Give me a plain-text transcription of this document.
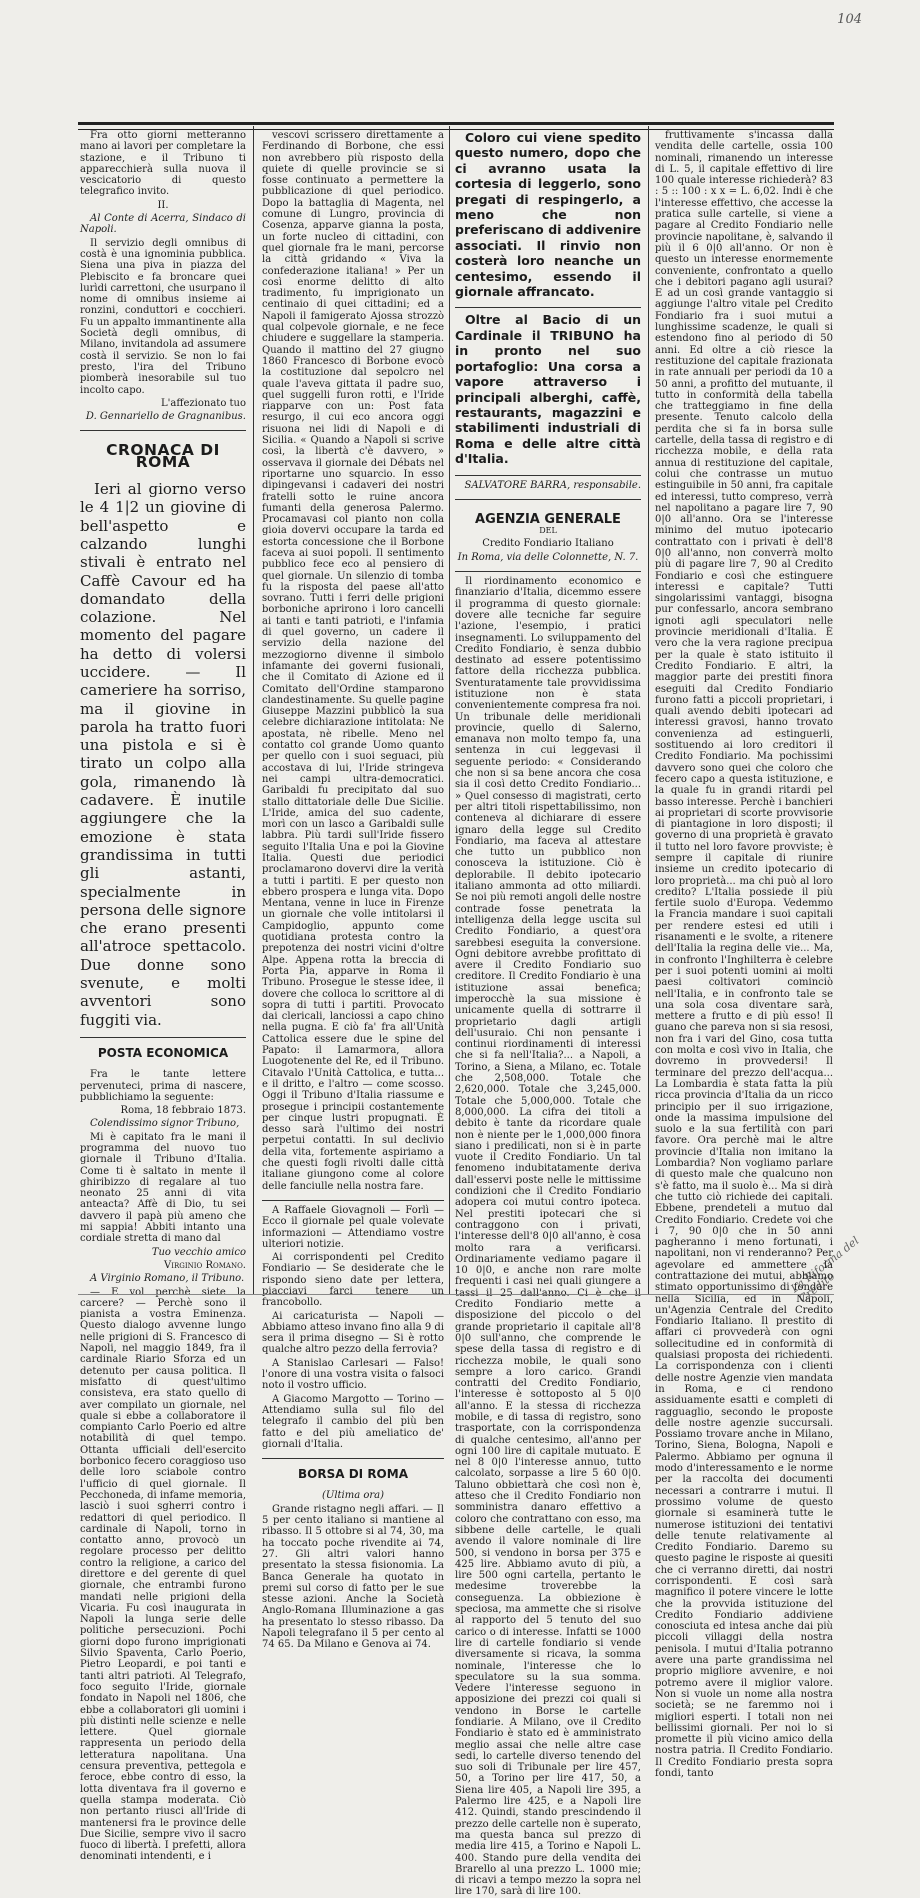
104

Fra otto giorni metteranno mano ai lavori per completare la stazione, e il Tribuno ti apparecchierà sulla nuova il vescicatorio di questo telegrafico invito.

II.

Al Conte di Acerra, Sindaco di Napoli.

Il servizio degli omnibus di costà è una ignominia pubblica. Siena una piva in piazza del Plebiscito e fa broncare quei lurìdi carrettoni, che usurpano il nome di omnibus insieme ai ronzini, conduttori e cocchieri. Fu un appalto immantinente alla Società degli omnibus, di Milano, invitandola ad assumere costà il servizio. Se non lo fai presto, l'ira del Tribuno piomberà inesorabile sul tuo incolto capo.

L'affezionato tuo

D. Gennariello de Gragnanibus.

CRONACA DI ROMA

Ieri al giorno verso le 4 1|2 un giovine di bell'aspetto e calzando lunghi stivali è entrato nel Caffè Cavour ed ha domandato della colazione. Nel momento del pagare ha detto di volersi uccidere. — Il cameriere ha sorriso, ma il giovine in parola ha tratto fuori una pistola e si è tirato un colpo alla gola, rimanendo là cadavere. È inutile aggiungere che la emozione è stata grandissima in tutti gli astanti, specialmente in persona delle signore che erano presenti all'atroce spettacolo. Due donne sono svenute, e molti avventori sono fuggiti via.

POSTA ECONOMICA

Fra le tante lettere pervenuteci, prima di nascere, pubblichiamo la seguente:

Roma, 18 febbraio 1873.

Colendissimo signor Tribuno,

Mi è capitato fra le mani il programma del nuovo tuo giornale il Tribuno d'Italia. Come ti è saltato in mente il ghiribizzo di regalare al tuo neonato 25 anni di vita anteacta? Affè di Dio, tu sei davvero il papà più ameno che mi sappia! Abbiti intanto una cordiale stretta di mano dal

Tuo vecchio amico

Virginio Romano.

A Virginio Romano, il Tribuno.

— E vol perchè siete la carcere? — Perchè sono il pianista a vostra Eminenza. Questo dialogo avvenne lungo nelle prigioni di S. Francesco di Napoli, nel maggio 1849, fra il cardinale Riario Sforza ed un detenuto per causa politica. Il misfatto di quest'ultimo consisteva, era stato quello di aver compilato un giornale, nel quale si ebbe a collaboratore il compianto Carlo Poerio ed altre notabilità di quel tempo. Ottanta ufficiali dell'esercito borbonico fecero coraggioso uso delle loro sciabole contro l'ufficio di quel giornale. Il Pecchoneda, di infame memoria, lasciò i suoi sgherri contro i redattori di quel periodico. Il cardinale di Napoli, torno in contatto anno, provocò un regolare processo per delitto contro la religione, a carico del direttore e del gerente di quel giornale, che entrambi furono mandati nelle prigioni della Vicaria. Fu così inaugurata in Napoli la lunga serie delle politiche persecuzioni. Pochi giorni dopo furono imprigionati Silvio Spaventa, Carlo Poerio, Pietro Leopardi, e poi tanti e tanti altri patrioti. Al Telegrafo, foco seguito l'Iride, giornale fondato in Napoli nel 1806, che ebbe a collaboratori gli uomini i più distinti nelle scienze e nelle lettere. Quel giornale rappresenta un periodo della letteratura napolitana. Una censura preventiva, pettegola e feroce, ebbe contro di esso, la lotta diventava fra il governo e quella stampa moderata. Ciò non pertanto riusci all'Iride di mantenersi fra le province delle Due Sicilie, sempre vivo il sacro fuoco di libertà. I prefetti, allora denominati intendenti, e i

vescovi scrissero direttamente a Ferdinando di Borbone, che essi non avrebbero più risposto della quiete di quelle provincie se si fosse continuato a permettere la pubblicazione di quel periodico. Dopo la battaglia di Magenta, nel comune di Lungro, provincia di Cosenza, apparve gianna la posta, un forte nucleo di cittadini, con quel giornale fra le mani, percorse la città gridando « Viva la confederazione italiana! » Per un così enorme delitto di alto tradimento, fu imprigionato un centinaio di quei cittadini; ed a Napoli il famigerato Ajossa strozzò qual colpevole giornale, e ne fece chiudere e suggellare la stamperia. Quando il mattino del 27 giugno 1860 Francesco di Borbone evocò la costituzione dal sepolcro nel quale l'aveva gittata il padre suo, quel suggelli furon rotti, e l'Iride riapparve con un: Post fata resurgo, il cui eco ancora oggi risuona nei lidi di Napoli e di Sicilia. « Quando a Napoli si scrive così, la libertà c'è davvero, » osservava il giornale dei Débats nel riportarne uno squarcio. In esso dipingevansi i cadaveri dei nostri fratelli sotto le ruine ancora fumanti della generosa Palermo. Procamavasi col pianto non colla gioia dovervi occupare la tarda ed estorta concessione che il Borbone faceva ai suoi popoli. Il sentimento pubblico fece eco al pensiero di quel giornale. Un silenzio di tomba fu la risposta del paese all'atto sovrano. Tutti i ferri delle prigioni borboniche aprirono i loro cancelli ai tanti e tanti patrioti, e l'infamia di quel governo, un cadere il servizio della nazione del mezzogiorno divenne il simbolo infamante dei governi fusionali, che il Comitato di Azione ed il Comitato dell'Ordine stamparono clandestinamente. Su quelle pagine Giuseppe Mazzini pubblicò la sua celebre dichiarazione intitolata: Ne apostata, nè ribelle. Meno nel contatto col grande Uomo quanto per quello con i suoi seguaci, più accostava di lui, l'Iride stringeva nei campi ultra-democratici. Garibaldi fu precipitato dal suo stallo dittatoriale delle Due Sicilie. L'Iride, amica del suo cadente, morì con un lasco a Garibaldi sulle labbra. Più tardi sull'Iride fissero seguito l'Italia Una e poi la Giovine Italia. Questi due periodici proclamarono dovervi dire la verità a tutti i partiti. E per questo non ebbero prospera e lunga vita. Dopo Mentana, venne in luce in Firenze un giornale che volle intitolarsi il Campidoglio, appunto come quotidiana protesta contro la prepotenza dei nostri vicini d'oltre Alpe. Appena rotta la breccia di Porta Pia, apparve in Roma il Tribuno. Prosegue le stesse idee, il dovere che colloca lo scrittore al di sopra di tutti i partiti. Provocato dai clericali, lanciossi a capo chino nella pugna. E ciò fa' fra all'Unità Cattolica essere due le spine del Papato: il Lamarmora, allora Luogotenente del Re, ed il Tribuno. Citavalo l'Unità Cattolica, e tutta... e il dritto, e l'altro — come scosso. Oggi il Tribuno d'Italia riassume e prosegue i principii costantemente per cinque lustri propugnati. È desso sarà l'ultimo dei nostri perpetui contatti. In sul declivio della vita, fortemente aspiriamo a che questi fogli rivolti dalle città italiane giungono come al colore delle fanciulle nella nostra fare.

A Raffaele Giovagnoli — Forlì — Ecco il giornale pel quale volevate informazioni — Attendiamo vostre ulteriori notizie.

Ai corrispondenti pel Credito Fondiario — Se desiderate che le rispondo sieno date per lettera, piacciavi farci tenere un francobollo.

Ai caricaturista — Napoli — Abbiamo atteso invano fino alla 9 di sera il prima disegno — Si è rotto qualche altro pezzo della ferrovia?

A Stanislao Carlesari — Falso! l'onore di una vostra visita o falsoci noto il vostro ufficio.

A Giacomo Margotto — Torino — Attendiamo sulla sul filo del telegrafo il cambio del più ben fatto e del più ameliatico de' giornali d'Italia.

BORSA DI ROMA

(Ultima ora)

Grande ristagno negli affari. — Il 5 per cento italiano si mantiene al ribasso. Il 5 ottobre si al 74, 30, ma ha toccato poche rivendite ai 74, 27. Gli altri valori hanno presentato la stessa fisionomia. La Banca Generale ha quotato in premi sul corso di fatto per le sue stesse azioni. Anche la Società Anglo-Romana Illuminazione a gas ha presentato lo stesso ribasso. Da Napoli telegrafano il 5 per cento al 74 65. Da Milano e Genova ai 74.

Coloro cui viene spedito questo numero, dopo che ci avranno usata la cortesia di leggerlo, sono pregati di respingerlo, a meno che non preferiscano di addivenire associati. Il rinvio non costerà loro neanche un centesimo, essendo il giornale affrancato.

Oltre al Bacio di un Cardinale il TRIBUNO ha in pronto nel suo portafoglio: Una corsa a vapore attraverso i principali alberghi, caffè, restaurants, magazzini e stabilimenti industriali di Roma e delle altre città d'Italia.

SALVATORE BARRA, responsabile.

AGENZIA GENERALE

DEL

Credito Fondiario Italiano

In Roma, via delle Colonnette, N. 7.

Il riordinamento economico e finanziario d'Italia, dicemmo essere il programma di questo giornale: dovere alle tecniche far seguire l'azione, l'esempio, i pratici insegnamenti. Lo sviluppamento del Credito Fondiario, è senza dubbio destinato ad essere potentissimo fattore della ricchezza pubblica. Sventuratamente tale provvidissima istituzione non è stata convenientemente compresa fra noi. Un tribunale delle meridionali provincie, quello di Salerno, emanava non molto tempo fa, una sentenza in cui leggevasi il seguente periodo: « Considerando che non si sa bene ancora che cosa sia il così detto Credito Fondiario... » Quel consesso di magistrati, certo per altri titoli rispettabilissimo, non conteneva al dichiarare di essere ignaro della legge sul Credito Fondiario, ma faceva al attestare che tutto un pubblico non conosceva la istituzione. Ciò è deplorabile. Il debito ipotecario italiano ammonta ad otto miliardi. Se noi più remoti angoli delle nostre contrade fosse penetrata la intelligenza della legge uscita sul Credito Fondiario, a quest'ora sarebbesi eseguita la conversione. Ogni debitore avrebbe profittato di avere il Credito Fondiario suo creditore. Il Credito Fondiario è una istituzione assai benefica; imperocchè la sua missione è unicamente quella di sottrarre il proprietario dagli artigli dell'usuraio. Chi non pensante i continui riordinamenti di interessi che si fa nell'Italia?... a Napoli, a Torino, a Siena, a Milano, ec. Totale che 2,508,000. Totale che 2,620,000. Totale che 3,245,000. Totale che 5,000,000. Totale che 8,000,000. La cifra dei titoli a debito è tante da ricordare quale non è niente per le 1,000,000 finora siano i predilicati, non si è in parte vuote il Credito Fondiario. Un tal fenomeno indubitatamente deriva dall'esservi poste nelle le mittissime condizioni che il Credito Fondiario adopera coi mutui contro ipoteca. Nel prestiti ipotecari che si contraggono con i privati, l'interesse dell'8 0|0 all'anno, è cosa molto rara a verificarsi. Ordinariamente vediamo pagare il 10 0|0, e anche non rare molte frequenti i casi nei quali giungere a tassi il 25 dall'anno. Ci è che il Credito Fondiario mette a disposizione del piccolo o del grande proprietario il capitale all'8 0|0 sull'anno, che comprende le spese della tassa di registro e di ricchezza mobile, le quali sono sempre a loro carico. Grandi contratti del Credito Fondiario, l'interesse è sottoposto al 5 0|0 all'anno. E la stessa di ricchezza mobile, e di tassa di registro, sono trasportate, con la corrispondenza di qualche centesimo, all'anno per ogni 100 lire di capitale mutuato. E nel 8 0|0 l'interesse annuo, tutto calcolato, sorpasse a lire 5 60 0|0. Taluno obbiettarà che così non è, atteso che il Credito Fondiario non somministra danaro effettivo a coloro che contrattano con esso, ma sibbene delle cartelle, le quali avendo il valore nominale di lire 500, si vendono in borsa per 375 e 425 lire. Abbiamo avuto di più, a lire 500 ogni cartella, pertanto le medesime troverebbe la conseguenza. La obbiezione è speciosa, ma ammette che si risolve al rapporto del 5 tenuto del suo carico o di interesse. Infatti se 1000 lire di cartelle fondiario si vende diversamente si ricava, la somma nominale, l'interesse che lo speculatore su la sua somma. Vedere l'interesse seguono in apposizione dei prezzi coi quali si vendono in Borse le cartelle fondiarie. A Milano, ove il Credito Fondiario è stato ed è amministrato meglio assai che nelle altre case sedi, lo cartelle diverso tenendo del suo soli di Tribunale per lire 457, 50, a Torino per lire 417, 50, a Siena lire 405, a Napoli lire 395, a Palermo lire 425, e a Napoli lire 412. Quindi, stando prescindendo il prezzo delle cartelle non è superato, ma questa banca sul prezzo di media lire 415, a Torino e Napoli L. 400. Stando pure della vendita dei Brarello al una prezzo L. 1000 mie; di ricavi a tempo mezzo la sopra nel lire 170, sarà di lire 100.

fruttivamente s'incassa dalla vendita delle cartelle, ossia 100 nominali, rimanendo un interesse di L. 5, il capitale effettivo di lire 100 quale interesse richiederà? 83 : 5 :: 100 : x x = L. 6,02. Indi è che l'interesse effettivo, che accesse la pratica sulle cartelle, si viene a pagare al Credito Fondiario nelle provincie napolitane, è, salvando il più il 6 0|0 all'anno. Or non è questo un interesse enormemente conveniente, confrontato a quello che i debitori pagano agli usurai? E ad un così grande vantaggio si aggiunge l'altro vitale pel Credito Fondiario fra i suoi mutui a lunghissime scadenze, le quali si estendono fino al periodo di 50 anni. Ed oltre a ciò riesce la restituzione del capitale frazionata in rate annuali per periodi da 10 a 50 anni, a profitto del mutuante, il tutto in conformità della tabella che tratteggiamo in fine della presente. Tenuto calcolo della perdita che si fa in borsa sulle cartelle, della tassa di registro e di ricchezza mobile, e della rata annua di restituzione del capitale, colui che contrasse un mutuo estinguibile in 50 anni, fra capitale ed interessi, tutto compreso, verrà nel napolitano a pagare lire 7, 90 0|0 all'anno. Ora se l'interesse minimo del mutuo ipotecario contrattato con i privati è dell'8 0|0 all'anno, non converrà molto più di pagare lire 7, 90 al Credito Fondiario e così che estinguere interessi e capitale? Tutti singolarissimi vantaggi, bisogna pur confessarlo, ancora sembrano ignoti agli speculatori nelle provincie meridionali d'Italia. È vero che la vera ragione precipua per la quale è stato istituito il Credito Fondiario. E altri, la maggior parte dei prestiti finora eseguiti dal Credito Fondiario furono fatti a piccoli proprietari, i quali avendo debiti ipotecari ad interessi gravosi, hanno trovato convenienza ad estinguerli, sostituendo ai loro creditori il Credito Fondiario. Ma pochissimi davvero sono quei che coloro che fecero capo a questa istituzione, e la quale fu in grandi ritardi pel basso interesse. Perchè i banchieri ai proprietari di scorte provvisorie di piantagione in loro disposti; il governo di una proprietà è gravato il tutto nel loro favore provviste; è sempre il capitale di riunire insieme un credito ipotecario di loro proprietà... ma chi può al loro credito? L'Italia possiede il più fertile suolo d'Europa. Vedemmo la Francia mandare i suoi capitali per rendere estesi ed utili i risanamenti e le svolte, a ritenere dell'Italia la regina delle vie... Ma, in confronto l'Inghilterra è celebre per i suoi potenti uomini ai molti paesi coltivatori cominciò nell'Italia, e in confronto tale se una sola cosa diventare sarà, mettere a frutto e di più esso! Il guano che pareva non si sia resosi, non fra i vari del Gino, cosa tutta con molta e così vivo in Italia, che dovremo in provvedersi! Il terminare del prezzo dell'acqua... La Lombardia è stata fatta la più ricca provincia d'Italia da un ricco principio per il suo irrigazione, onde la massima impulsione del suolo e la sua fertilità con pari favore. Ora perchè mai le altre provincie d'Italia non imitano la Lombardia? Non vogliamo parlare di questo male che qualcuno non s'è fatto, ma il suolo è... Ma si dirà che tutto ciò richiede dei capitali. Ebbene, prendeteli a mutuo dal Credito Fondiario. Credete voi che i 7, 90 0|0 che in 50 anni pagheranno i meno fortunati, i napolitani, non vi renderanno? Per agevolare ed ammettere la contrattazione dei mutui, abbiamo stimato opportunissimo di fondare nella Sicilia, ed in Napoli, un'Agenzia Centrale del Credito Fondiario Italiano. Il prestito di affari ci provvederà con ogni sollecitudine ed in conformità di qualsiasi proposta dei richiedenti. La corrispondenza con i clienti delle nostre Agenzie vien mandata in Roma, e ci rendono assiduamente esatti e completi di ragguaglio, secondo le proposte delle nostre agenzie succursali. Possiamo trovare anche in Milano, Torino, Siena, Bologna, Napoli e Palermo. Abbiamo per ognuna il modo d'interessamento e le norme per la raccolta dei documenti necessari a contrarre i mutui. Il prossimo volume de questo giornale si esaminerà tutte le numerose istituzioni dei tentativi delle tenute relativamente al Credito Fondiario. Daremo su questo pagine le risposte ai quesiti che ci verranno diretti, dai nostri corrispondenti. E così sarà magnifico il potere vincere le lotte che la provvida istituzione del Credito Fondiario addiviene conosciuta ed intesa anche dai più piccoli villaggi della nostra penisola. I mutui d'Italia potranno avere una parte grandissima nel proprio migliore avvenire, e noi potremo avere il miglior valore. Non si vuole un nome alla nostra società; se ne faremmo noi i migliori esperti. I totali non nei bellissimi giornali. Per noi lo si promette il più vicino amico della nostra patria. Il Credito Fondiario. Il Credito Fondiario presta sopra fondi, tanto

La Riforma del Credito
